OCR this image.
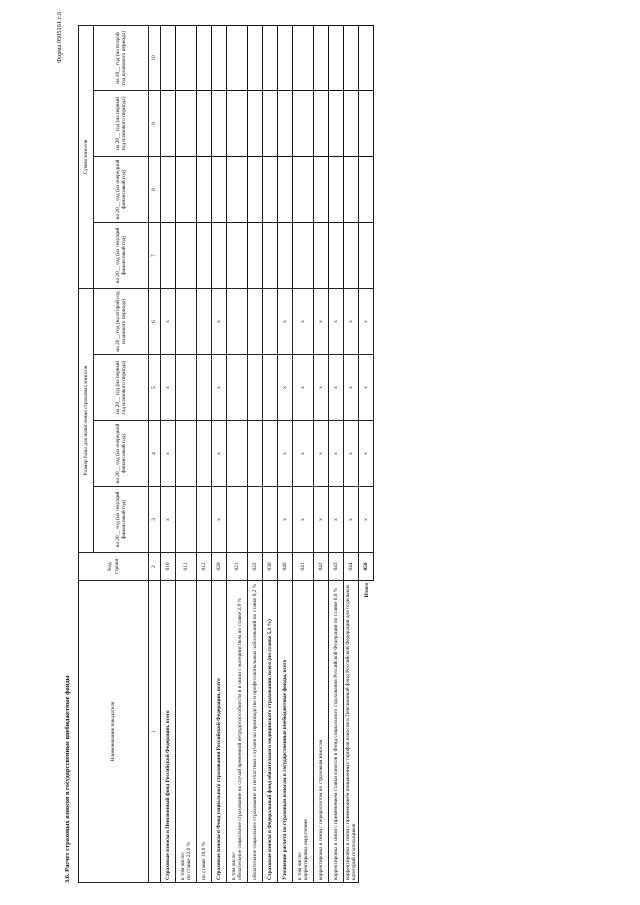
3.6. Расчет страховых взносов в государственные внебюджетные фонды
Форма 0505161 с.6
Наименование показателя	Код строки	Размер базы для начисления страховых взносов				Сумма взносов			
		на 20__ год (на текущий финансовый год)	на 20__ год (на очередной финансовый год)	на 20__ год (на первый год планового периода)	на 20__ год (на второй год планового периода)	на 20__ год (на текущий финансовый год)	на 20__ год (на очередной финансовый год)	на 20__ год (на первый год планового периода)	на 20__ год (на второй год планового периода)
1	2	3	4	5	6	7	8	9	10
Страховые взносы в Пенсионный фонд Российской Федерации, всего	010	x	x	x	x				
в том числе:
по ставке 22,0 %	011								
по ставке 10,0 %	012								
Страховые взносы в Фонд социального страхования Российской Федерации, всего	020	x	x	x	x				
в том числе:
обязательное социальное страхование на случай временной нетрудоспособности и в связи с материнством по ставке 2,9 %	021								
обязательное социальное страхование от несчастных случаев на производстве и профессиональных заболеваний по ставке 0,2 %	022								
Страховые взносы в Федеральный фонд обязательного медицинского страхования, всего (по ставке 5,1 %)	030								
Уточнение расчета по страховым взносам в государственные внебюджетные фонды, всего	040	x	x	x	x				
в том числе:
корректировка округления	041	x	x	x	x				
корректировка в связи с перерасчетом по страховым взносам	042	x	x	x	x				
корректировка в связи с применением ставки взносов в Фонд социального страхования Российской Федерации по ставке 0,0 %	043	x	x	x	x				
корректировка в связи с применением пониженных тарифов взносов в Пенсионный фонд Российской Федерации для отдельных категорий плательщиков	044	x	x	x	x				
Итого	050	x	x	x	x				
